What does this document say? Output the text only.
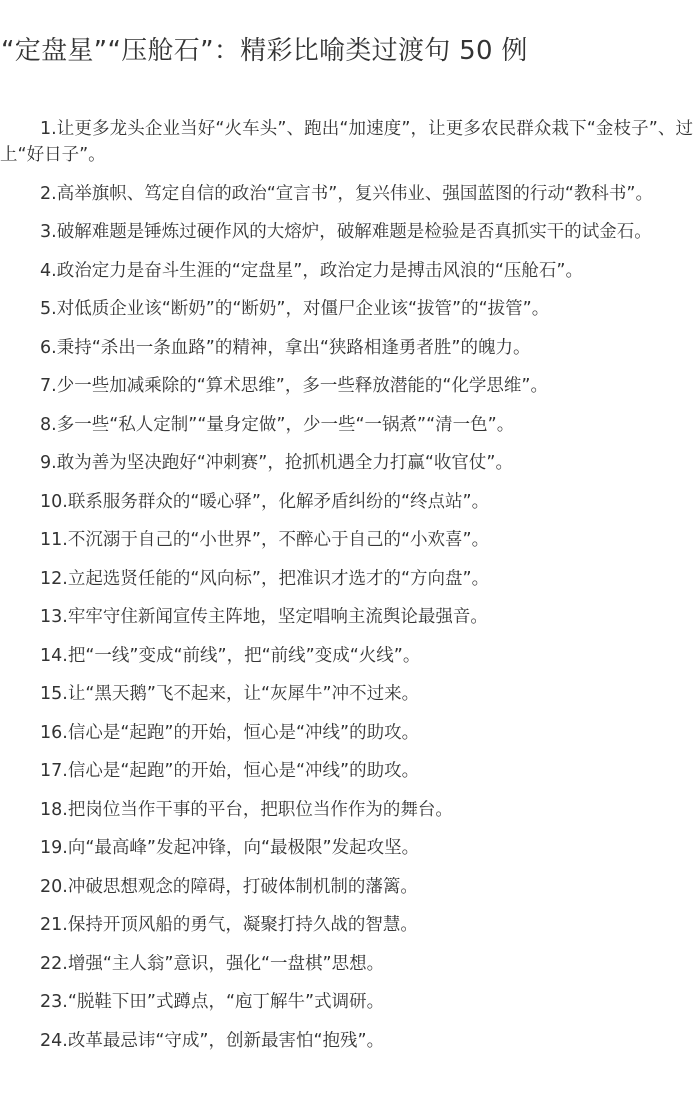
“定盘星”“压舱石”：精彩比喻类过渡句 50 例

1.让更多龙头企业当好“火车头”、跑出“加速度”，让更多农民群众栽下“金枝子”、过上“好日子”。

2.高举旗帜、笃定自信的政治“宣言书”，复兴伟业、强国蓝图的行动“教科书”。

3.破解难题是锤炼过硬作风的大熔炉，破解难题是检验是否真抓实干的试金石。

4.政治定力是奋斗生涯的“定盘星”，政治定力是搏击风浪的“压舱石”。

5.对低质企业该“断奶”的“断奶”，对僵尸企业该“拔管”的“拔管”。

6.秉持“杀出一条血路”的精神，拿出“狭路相逢勇者胜”的魄力。

7.少一些加减乘除的“算术思维”，多一些释放潜能的“化学思维”。

8.多一些“私人定制”“量身定做”，少一些“一锅煮”“清一色”。

9.敢为善为坚决跑好“冲刺赛”，抢抓机遇全力打赢“收官仗”。

10.联系服务群众的“暖心驿”，化解矛盾纠纷的“终点站”。

11.不沉溺于自己的“小世界”，不醉心于自己的“小欢喜”。

12.立起选贤任能的“风向标”，把准识才选才的“方向盘”。

13.牢牢守住新闻宣传主阵地，坚定唱响主流舆论最强音。

14.把“一线”变成“前线”，把“前线”变成“火线”。

15.让“黑天鹅”飞不起来，让“灰犀牛”冲不过来。

16.信心是“起跑”的开始，恒心是“冲线”的助攻。

17.信心是“起跑”的开始，恒心是“冲线”的助攻。

18.把岗位当作干事的平台，把职位当作作为的舞台。

19.向“最高峰”发起冲锋，向“最极限”发起攻坚。

20.冲破思想观念的障碍，打破体制机制的藩篱。

21.保持开顶风船的勇气，凝聚打持久战的智慧。

22.增强“主人翁”意识，强化“一盘棋”思想。

23.“脱鞋下田”式蹲点，“庖丁解牛”式调研。

24.改革最忌讳“守成”，创新最害怕“抱残”。
